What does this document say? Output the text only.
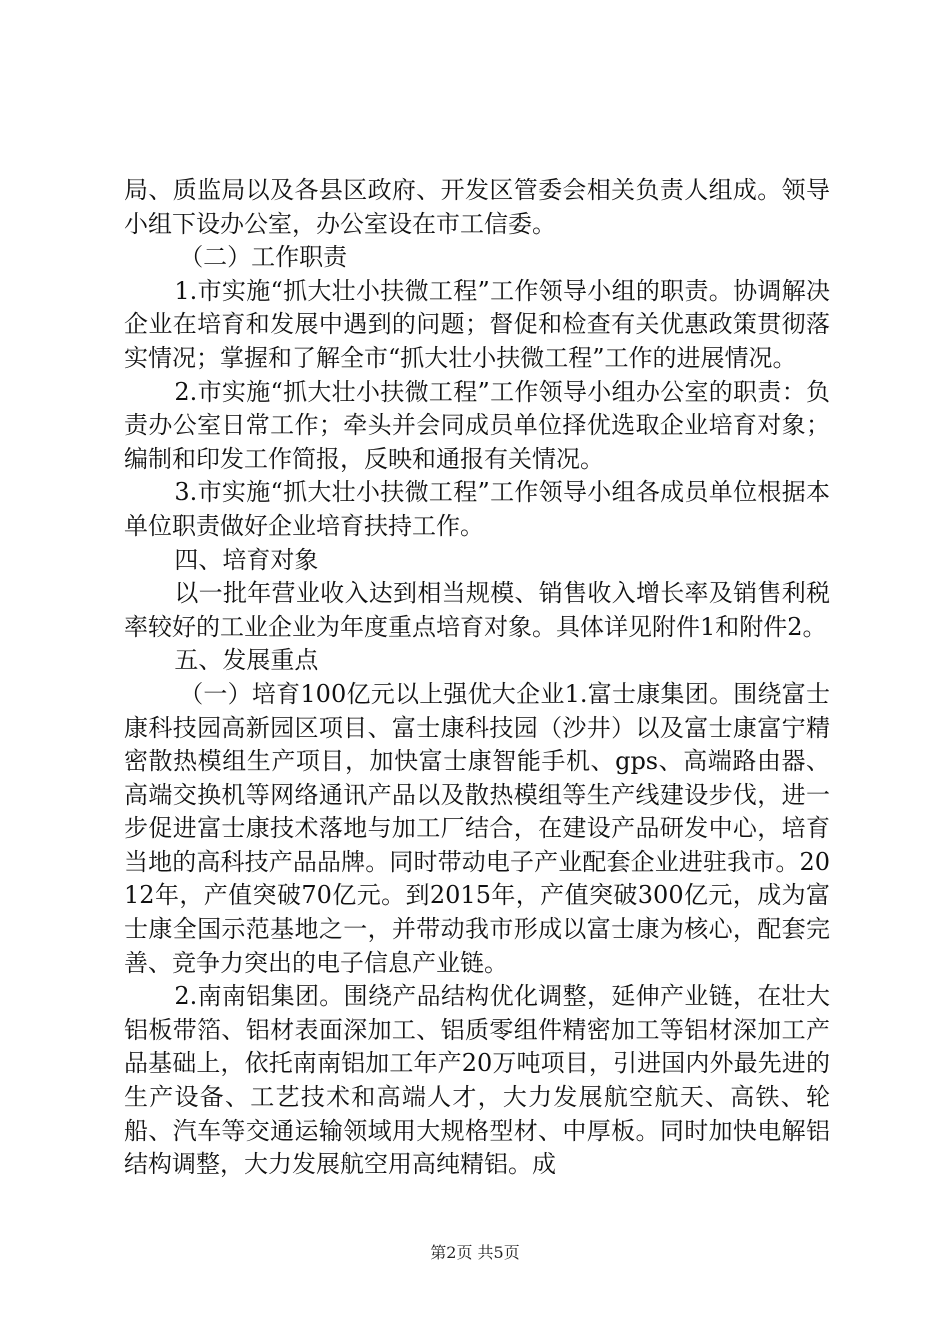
局、质监局以及各县区政府、开发区管委会相关负责人组成。领导小组下设办公室，办公室设在市工信委。

（二）工作职责

1.市实施“抓大壮小扶微工程”工作领导小组的职责。协调解决企业在培育和发展中遇到的问题；督促和检查有关优惠政策贯彻落实情况；掌握和了解全市“抓大壮小扶微工程”工作的进展情况。

2.市实施“抓大壮小扶微工程”工作领导小组办公室的职责：负责办公室日常工作；牵头并会同成员单位择优选取企业培育对象；编制和印发工作简报，反映和通报有关情况。

3.市实施“抓大壮小扶微工程”工作领导小组各成员单位根据本单位职责做好企业培育扶持工作。

四、培育对象

以一批年营业收入达到相当规模、销售收入增长率及销售利税率较好的工业企业为年度重点培育对象。具体详见附件1和附件2。

五、发展重点

（一）培育100亿元以上强优大企业1.富士康集团。围绕富士康科技园高新园区项目、富士康科技园（沙井）以及富士康富宁精密散热模组生产项目，加快富士康智能手机、gps、高端路由器、高端交换机等网络通讯产品以及散热模组等生产线建设步伐，进一步促进富士康技术落地与加工厂结合，在建设产品研发中心，培育当地的高科技产品品牌。同时带动电子产业配套企业进驻我市。2012年，产值突破70亿元。到2015年，产值突破300亿元，成为富士康全国示范基地之一，并带动我市形成以富士康为核心，配套完善、竞争力突出的电子信息产业链。

2.南南铝集团。围绕产品结构优化调整，延伸产业链，在壮大铝板带箔、铝材表面深加工、铝质零组件精密加工等铝材深加工产品基础上，依托南南铝加工年产20万吨项目，引进国内外最先进的生产设备、工艺技术和高端人才，大力发展航空航天、高铁、轮船、汽车等交通运输领域用大规格型材、中厚板。同时加快电解铝结构调整，大力发展航空用高纯精铝。成

第2页 共5页
